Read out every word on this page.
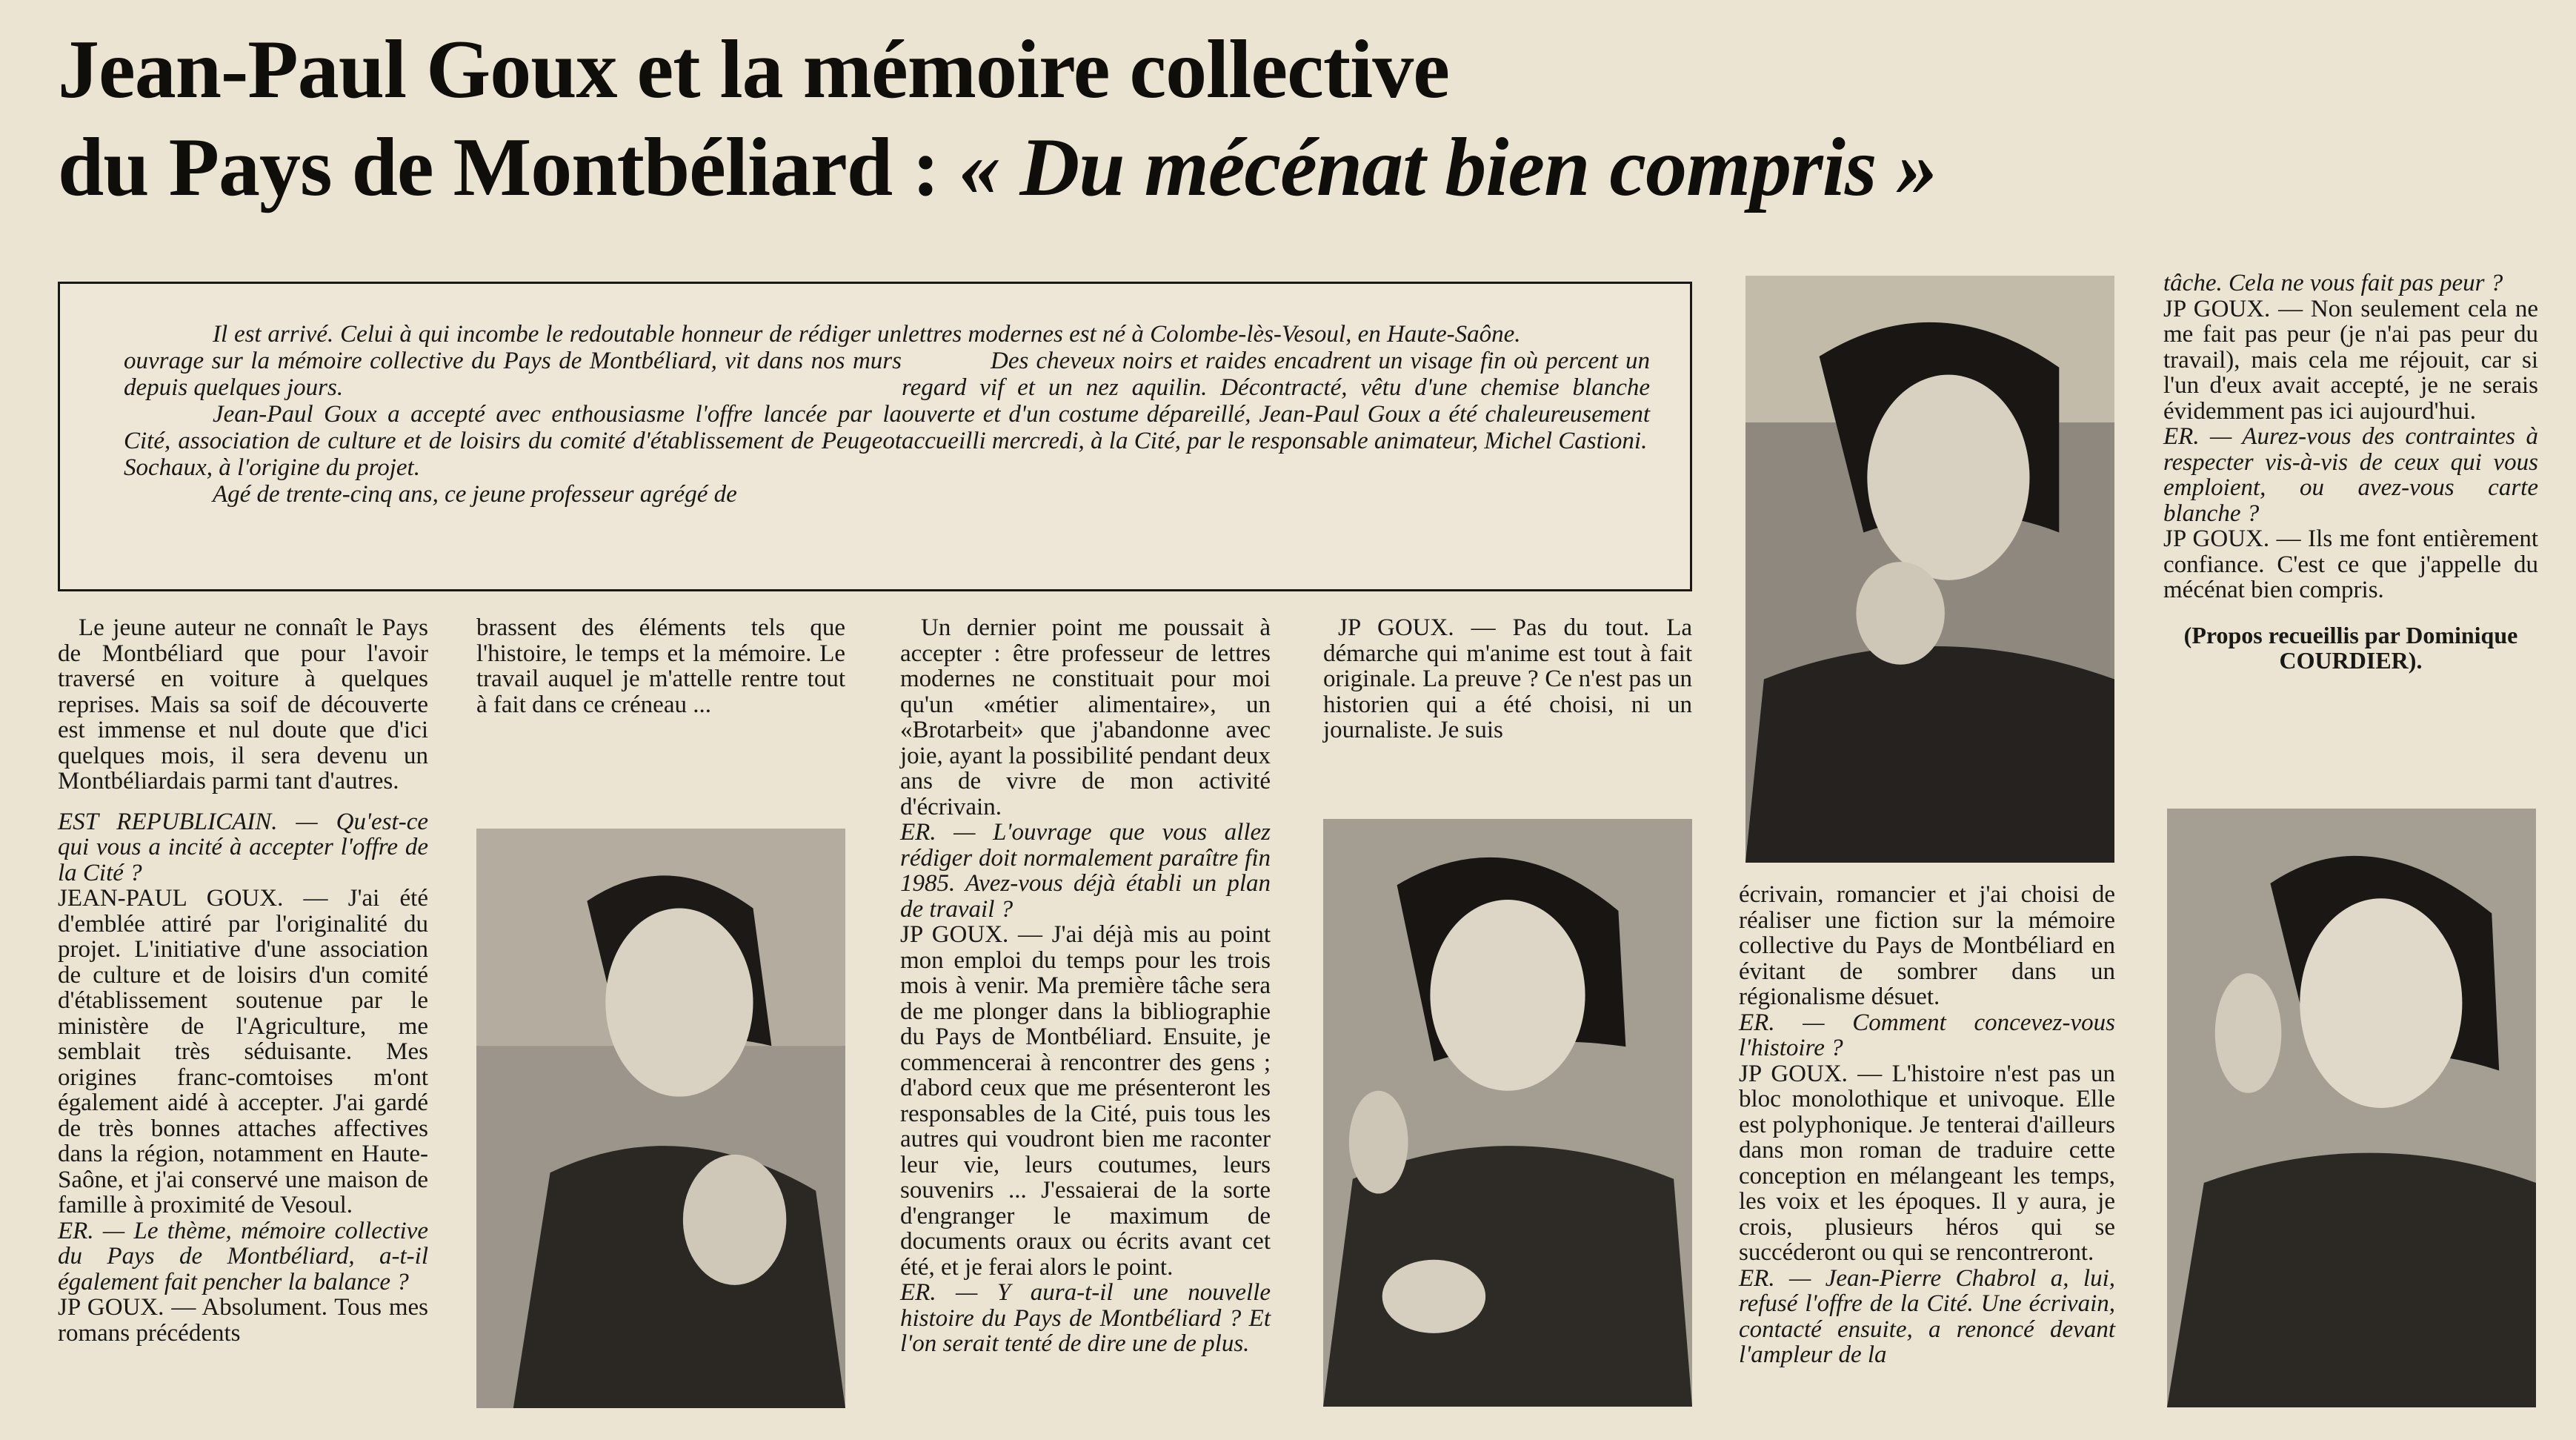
Jean-Paul Goux et la mémoire collective
du Pays de Montbéliard : « Du mécénat bien compris »

Il est arrivé. Celui à qui incombe le redoutable honneur de rédiger un ouvrage sur la mémoire collective du Pays de Montbéliard, vit dans nos murs depuis quelques jours.

Jean-Paul Goux a accepté avec enthousiasme l'offre lancée par la Cité, association de culture et de loisirs du comité d'établissement de Peugeot Sochaux, à l'origine du projet.

Agé de trente-cinq ans, ce jeune professeur agrégé de

lettres modernes est né à Colombe-lès-Vesoul, en Haute-Saône.

Des cheveux noirs et raides encadrent un visage fin où percent un regard vif et un nez aquilin. Décontracté, vêtu d'une chemise blanche ouverte et d'un costume dépareillé, Jean-Paul Goux a été chaleureusement accueilli mercredi, à la Cité, par le responsable animateur, Michel Castioni.

Le jeune auteur ne connaît le Pays de Montbéliard que pour l'avoir traversé en voiture à quelques reprises. Mais sa soif de découverte est immense et nul doute que d'ici quelques mois, il sera devenu un Montbéliardais parmi tant d'autres.

EST REPUBLICAIN. — Qu'est-ce qui vous a incité à accepter l'offre de la Cité ?

JEAN-PAUL GOUX. — J'ai été d'emblée attiré par l'originalité du projet. L'initiative d'une association de culture et de loisirs d'un comité d'établissement soutenue par le ministère de l'Agriculture, me semblait très séduisante. Mes origines franc-comtoises m'ont également aidé à accepter. J'ai gardé de très bonnes attaches affectives dans la région, notamment en Haute-Saône, et j'ai conservé une maison de famille à proximité de Vesoul.

ER. — Le thème, mémoire collective du Pays de Montbéliard, a-t-il également fait pencher la balance ?

JP GOUX. — Absolument. Tous mes romans précédents

brassent des éléments tels que l'histoire, le temps et la mémoire. Le travail auquel je m'attelle rentre tout à fait dans ce créneau ...

Un dernier point me poussait à accepter : être professeur de lettres modernes ne constituait pour moi qu'un «métier alimentaire», un «Brotarbeit» que j'abandonne avec joie, ayant la possibilité pendant deux ans de vivre de mon activité d'écrivain.

ER. — L'ouvrage que vous allez rédiger doit normalement paraître fin 1985. Avez-vous déjà établi un plan de travail ?

JP GOUX. — J'ai déjà mis au point mon emploi du temps pour les trois mois à venir. Ma première tâche sera de me plonger dans la bibliographie du Pays de Montbéliard. Ensuite, je commencerai à rencontrer des gens ; d'abord ceux que me présenteront les responsables de la Cité, puis tous les autres qui voudront bien me raconter leur vie, leurs coutumes, leurs souvenirs ... J'essaierai de la sorte d'engranger le maximum de documents oraux ou écrits avant cet été, et je ferai alors le point.

ER. — Y aura-t-il une nouvelle histoire du Pays de Montbéliard ? Et l'on serait tenté de dire une de plus.

JP GOUX. — Pas du tout. La démarche qui m'anime est tout à fait originale. La preuve ? Ce n'est pas un historien qui a été choisi, ni un journaliste. Je suis

écrivain, romancier et j'ai choisi de réaliser une fiction sur la mémoire collective du Pays de Montbéliard en évitant de sombrer dans un régionalisme désuet.

ER. — Comment concevez-vous l'histoire ?

JP GOUX. — L'histoire n'est pas un bloc monolothique et univoque. Elle est polyphonique. Je tenterai d'ailleurs dans mon roman de traduire cette conception en mélangeant les temps, les voix et les époques. Il y aura, je crois, plusieurs héros qui se succéderont ou qui se rencontreront.

ER. — Jean-Pierre Chabrol a, lui, refusé l'offre de la Cité. Une écrivain, contacté ensuite, a renoncé devant l'ampleur de la

tâche. Cela ne vous fait pas peur ?

JP GOUX. — Non seulement cela ne me fait pas peur (je n'ai pas peur du travail), mais cela me réjouit, car si l'un d'eux avait accepté, je ne serais évidemment pas ici aujourd'hui.

ER. — Aurez-vous des contraintes à respecter vis-à-vis de ceux qui vous emploient, ou avez-vous carte blanche ?

JP GOUX. — Ils me font entièrement confiance. C'est ce que j'appelle du mécénat bien compris.

(Propos recueillis par Dominique COURDIER).
